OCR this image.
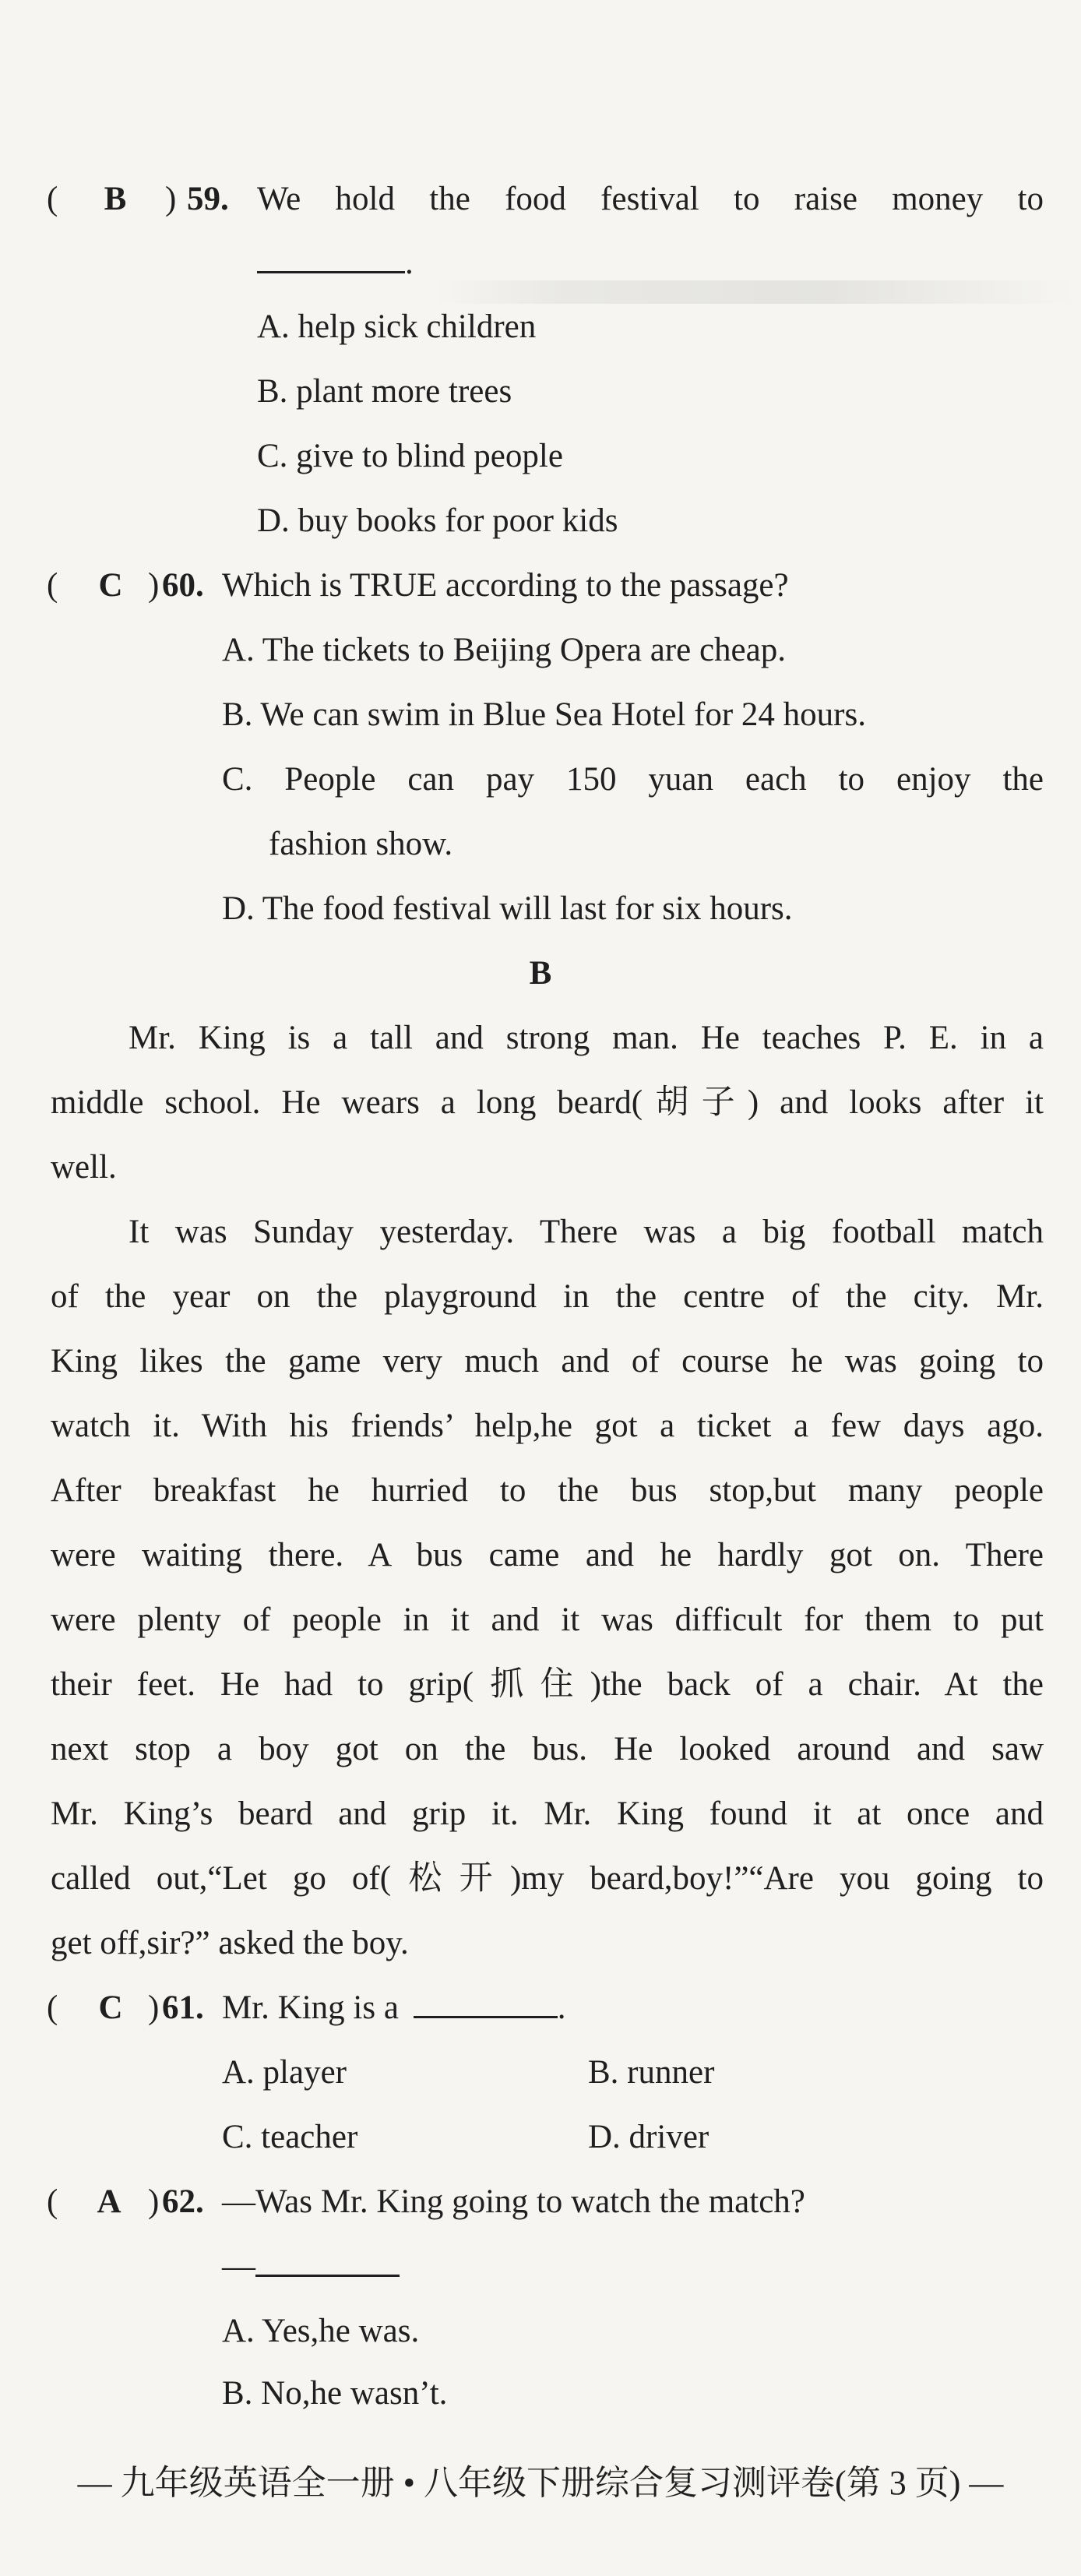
(	B	) 59. We hold the food festival to raise money to
.
A. help sick children
B. plant more trees
C. give to blind people
D. buy books for poor kids
(	C ) 60. Which is TRUE according to the passage?
A. The tickets to Beijing Opera are cheap.
B. We can swim in Blue Sea Hotel for 24 hours.
C. People can pay 150 yuan each to enjoy the
fashion show.
D. The food festival will last for six hours.
B
Mr. King is a tall and strong man. He teaches P. E. in a
middle school. He wears a long beard(胡子) and looks after it
well.
It was Sunday yesterday. There was a big football match
of the year on the playground in the centre of the city. Mr.
King likes the game very much and of course he was going to
watch it. With his friends’ help,he got a ticket a few days ago.
After breakfast he hurried to the bus stop,but many people
were waiting there. A bus came and he hardly got on. There
were plenty of people in it and it was difficult for them to put
their feet. He had to grip(抓住)the back of a chair. At the
next stop a boy got on the bus. He looked around and saw
Mr. King’s beard and grip it. Mr. King found it at once and
called out,“Let go of(松开)my beard,boy!”“Are you going to
get off,sir?” asked the boy.
(	C ) 61. Mr. King is a	.
A. player	B. runner
C. teacher	D. driver
(	A ) 62. —Was Mr. King going to watch the match?
—
A. Yes,he was.
B. No,he wasn’t.
— 九年级英语全一册 • 八年级下册综合复习测评卷(第 3 页) —
